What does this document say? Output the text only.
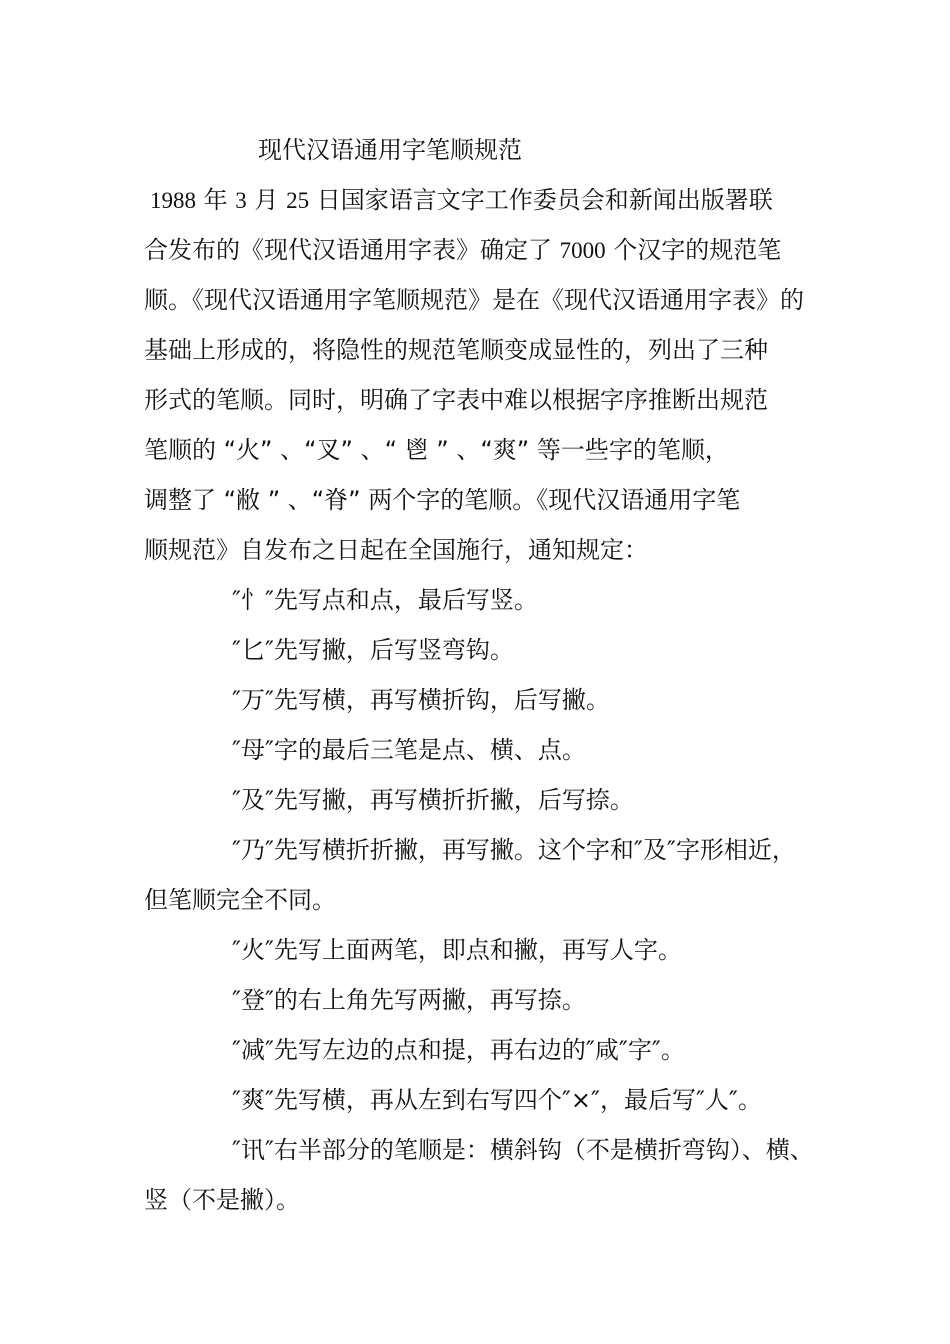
现代汉语通用字笔顺规范
1988 年 3 月 25 日国家语言文字工作委员会和新闻出版署联
合发布的《现代汉语通用字表》确定了 7000 个汉字的规范笔
顺。《现代汉语通用字笔顺规范》是在《现代汉语通用字表》的
基础上形成的，将隐性的规范笔顺变成显性的，列出了三种
形式的笔顺。同时，明确了字表中难以根据字序推断出规范
笔顺的 “火” 、“叉” 、“ 鬯 ” 、“爽” 等一些字的笔顺，
调整了 “敝 ” 、“脊” 两个字的笔顺。《现代汉语通用字笔
顺规范》自发布之日起在全国施行，通知规定：
″忄″先写点和点，最后写竖。
″匕″先写撇，后写竖弯钩。
″万″先写横，再写横折钩，后写撇。
″母″字的最后三笔是点、横、点。
″及″先写撇，再写横折折撇，后写捺。
″乃″先写横折折撇，再写撇。这个字和″及″字形相近，
但笔顺完全不同。
″火″先写上面两笔，即点和撇，再写人字。
″登″的右上角先写两撇，再写捺。
″减″先写左边的点和提，再右边的″咸″字″。
″爽″先写横，再从左到右写四个″×″，最后写″人″。
″讯″右半部分的笔顺是：横斜钩（不是横折弯钩）、横、
竖（不是撇）。
